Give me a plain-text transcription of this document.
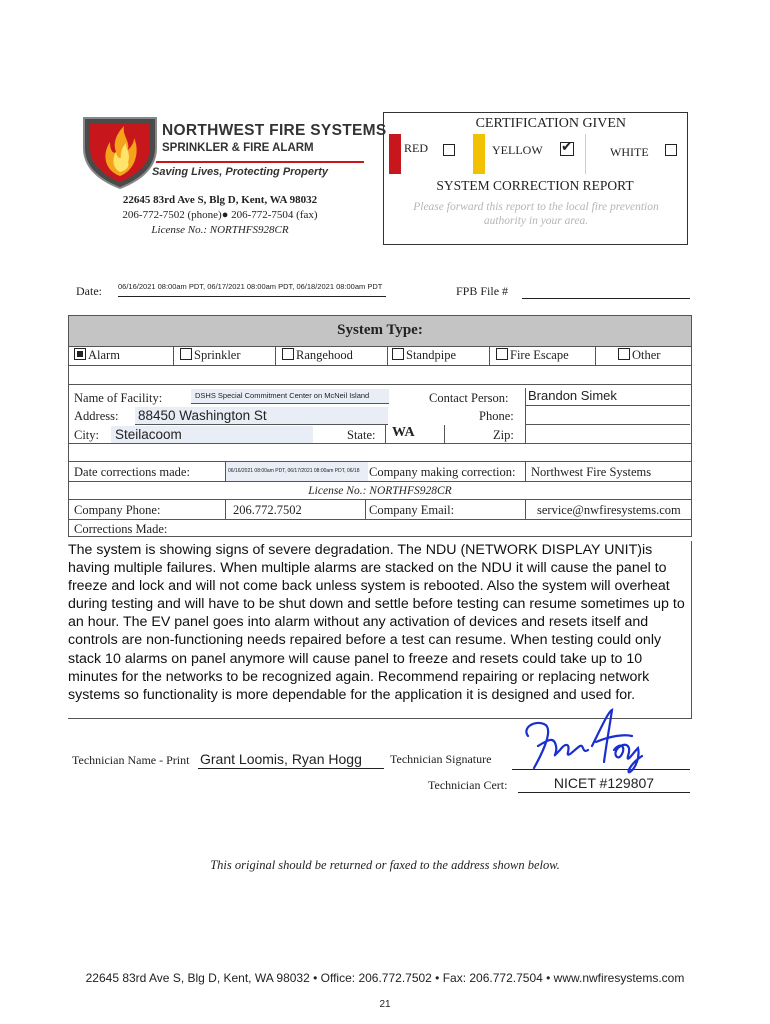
NORTHWEST FIRE SYSTEMS
SPRINKLER & FIRE ALARM
Saving Lives, Protecting Property
22645 83rd Ave S, Blg D, Kent, WA 98032
206-772-7502 (phone)● 206-772-7504 (fax)
License No.: NORTHFS928CR
CERTIFICATION GIVEN
RED	YELLOW ✔	WHITE
SYSTEM CORRECTION REPORT
Please forward this report to the local fire prevention authority in your area.
Date: 06/16/2021 08:00am PDT, 06/17/2021 08:00am PDT, 06/18/2021 08:00am PDT	FPB File #
System Type:
Alarm	Sprinkler	Rangehood	Standpipe	Fire Escape	Other
Name of Facility:	DSHS Special Commitment Center on McNeil Island	Contact Person: Brandon Simek
Address: 88450 Washington St	Phone:
City: Steilacoom	State:	WA	Zip:
Date corrections made:	06/16/2021 08:00am PDT, 06/17/2021 08:00am PDT, 06/18 Company making correction: Northwest Fire Systems
License No.: NORTHFS928CR
Company Phone:	206.772.7502	Company Email:	service@nwfiresystems.com
Corrections Made:
The system is showing signs of severe degradation. The NDU (NETWORK DISPLAY UNIT)is having multiple failures. When multiple alarms are stacked on the NDU it will cause the panel to freeze and lock and will not come back unless system is rebooted. Also the system will overheat during testing and will have to be shut down and settle before testing can resume sometimes up to an hour. The EV panel goes into alarm without any activation of devices and resets itself and controls are non-functioning needs repaired before a test can resume. When testing could only stack 10 alarms on panel anymore will cause panel to freeze and resets could take up to 10 minutes for the networks to be recognized again. Recommend repairing or replacing network systems so functionality is more dependable for the application it is designed and used for.
Technician Name - Print Grant Loomis, Ryan Hogg	Technician Signature
Technician Cert:	NICET #129807
This original should be returned or faxed to the address shown below.
22645 83rd Ave S, Blg D, Kent, WA 98032 • Office: 206.772.7502 • Fax: 206.772.7504 • www.nwfiresystems.com
21
